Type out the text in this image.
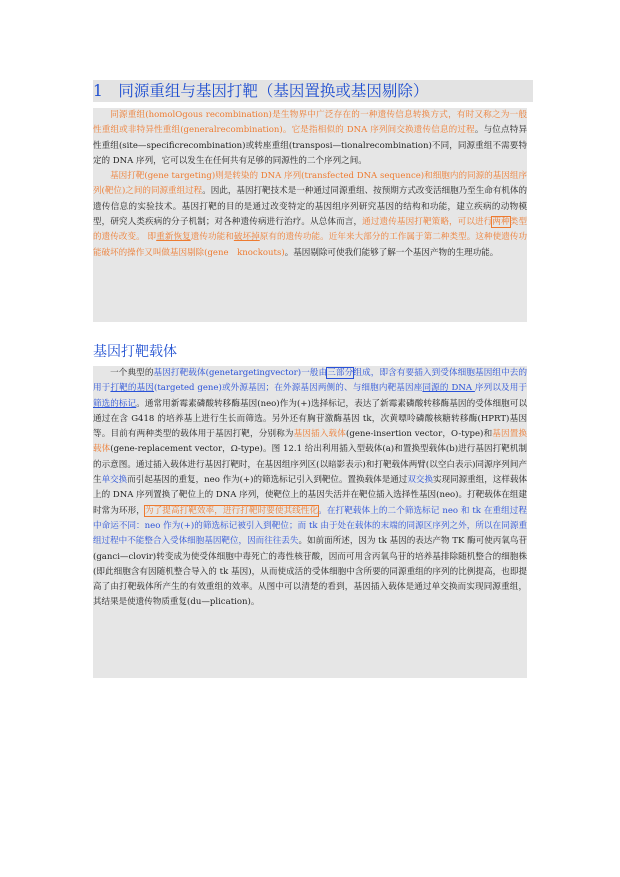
1　同源重组与基因打靶（基因置换或基因剔除）

同源重组(homolOgous recombination)是生物界中广泛存在的一种遗传信息转换方式，有时又称之为一般性重组或非特异性重组(generalrecombination)。它是指相似的 DNA 序列间交换遗传信息的过程。与位点特异性重组(site—specificrecombination)或转座重组(transposi—tionalrecombination)不同，同源重组不需要特定的 DNA 序列，它可以发生在任何共有足够的同源性的二个序列之间。

基因打靶(gene targeting)则是转染的 DNA 序列(transfected DNA sequence)和细胞内的同源的基因组序列(靶位)之间的同源重组过程。因此，基因打靶技术是一种通过同源重组、按预期方式改变活细胞乃至生命有机体的遗传信息的实验技术。基因打靶的目的是通过改变特定的基因组序列研究基因的结构和功能，建立疾病的动物模型，研究人类疾病的分子机制；对各种遗传病进行治疗。从总体而言，通过遗传基因打靶策略，可以进行两种类型的遗传改变。 即重新恢复遗传功能和破坏掉原有的遗传功能。近年来大部分的工作属于第二种类型。这种使遗传功能破坏的操作又叫做基因剔除(gene　knockouts)。基因剔除可使我们能够了解一个基因产物的生理功能。

基因打靶载体

一个典型的基因打靶载体(genetargetingvector)一般由三部分组成，即含有要插入到受体细胞基因组中去的用于打靶的基因(targeted gene)或外源基因；在外源基因两侧的、与细胞内靶基因座同源的 DNA 序列以及用于筛选的标记。通常用新霉素磷酸转移酶基因(neo)作为(+)选择标记，表达了新霉素磷酸转移酶基因的受体细胞可以通过在含 G418 的培养基上进行生长而筛选。另外还有胸苷激酶基因 tk，次黄嘌呤磷酸核糖转移酶(HPRT)基因等。目前有两种类型的载体用于基因打靶，分别称为基因插入载体(gene-insertion vector，O-type)和基因置换载体(gene-replacement vector，Ω-type)。图 12.1 给出利用插入型载体(a)和置换型载体(b)进行基因打靶机制的示意图。通过插入载体进行基因打靶时，在基因组序列区(以暗影表示)和打靶载体两臂(以空白表示)同源序列间产生单交换而引起基因的重复，neo 作为(+)的筛选标记引入到靶位。置换载体是通过双交换实现同源重组，这样载体上的 DNA 序列置换了靶位上的 DNA 序列，使靶位上的基因失活并在靶位插入选择性基因(neo)。打靶载体在组建时常为环形，为了提高打靶效率，进行打靶时要使其线性化。在打靶载体上的二个筛选标记 neo 和 tk 在重组过程中命运不同：neo 作为(+)的筛选标记被引入到靶位；而 tk 由于处在载体的末端的同源区序列之外，所以在同源重组过程中不能整合入受体细胞基因靶位，因而往往丢失。如前面所述，因为 tk 基因的表达产物 TK 酶可使丙氧鸟苷(ganci—clovir)转变成为使受体细胞中毒死亡的毒性核苷酸，因而可用含丙氧鸟苷的培养基排除随机整合的细胞株(即此细胞含有因随机整合导入的 tk 基因)，从而使成活的受体细胞中含所要的同源重组的序列的比例提高，也即提高了由打靶载体所产生的有效重组的效率。从图中可以清楚的看到，基因插入载体是通过单交换而实现同源重组，其结果是使遗传物质重复(du—plication)。
